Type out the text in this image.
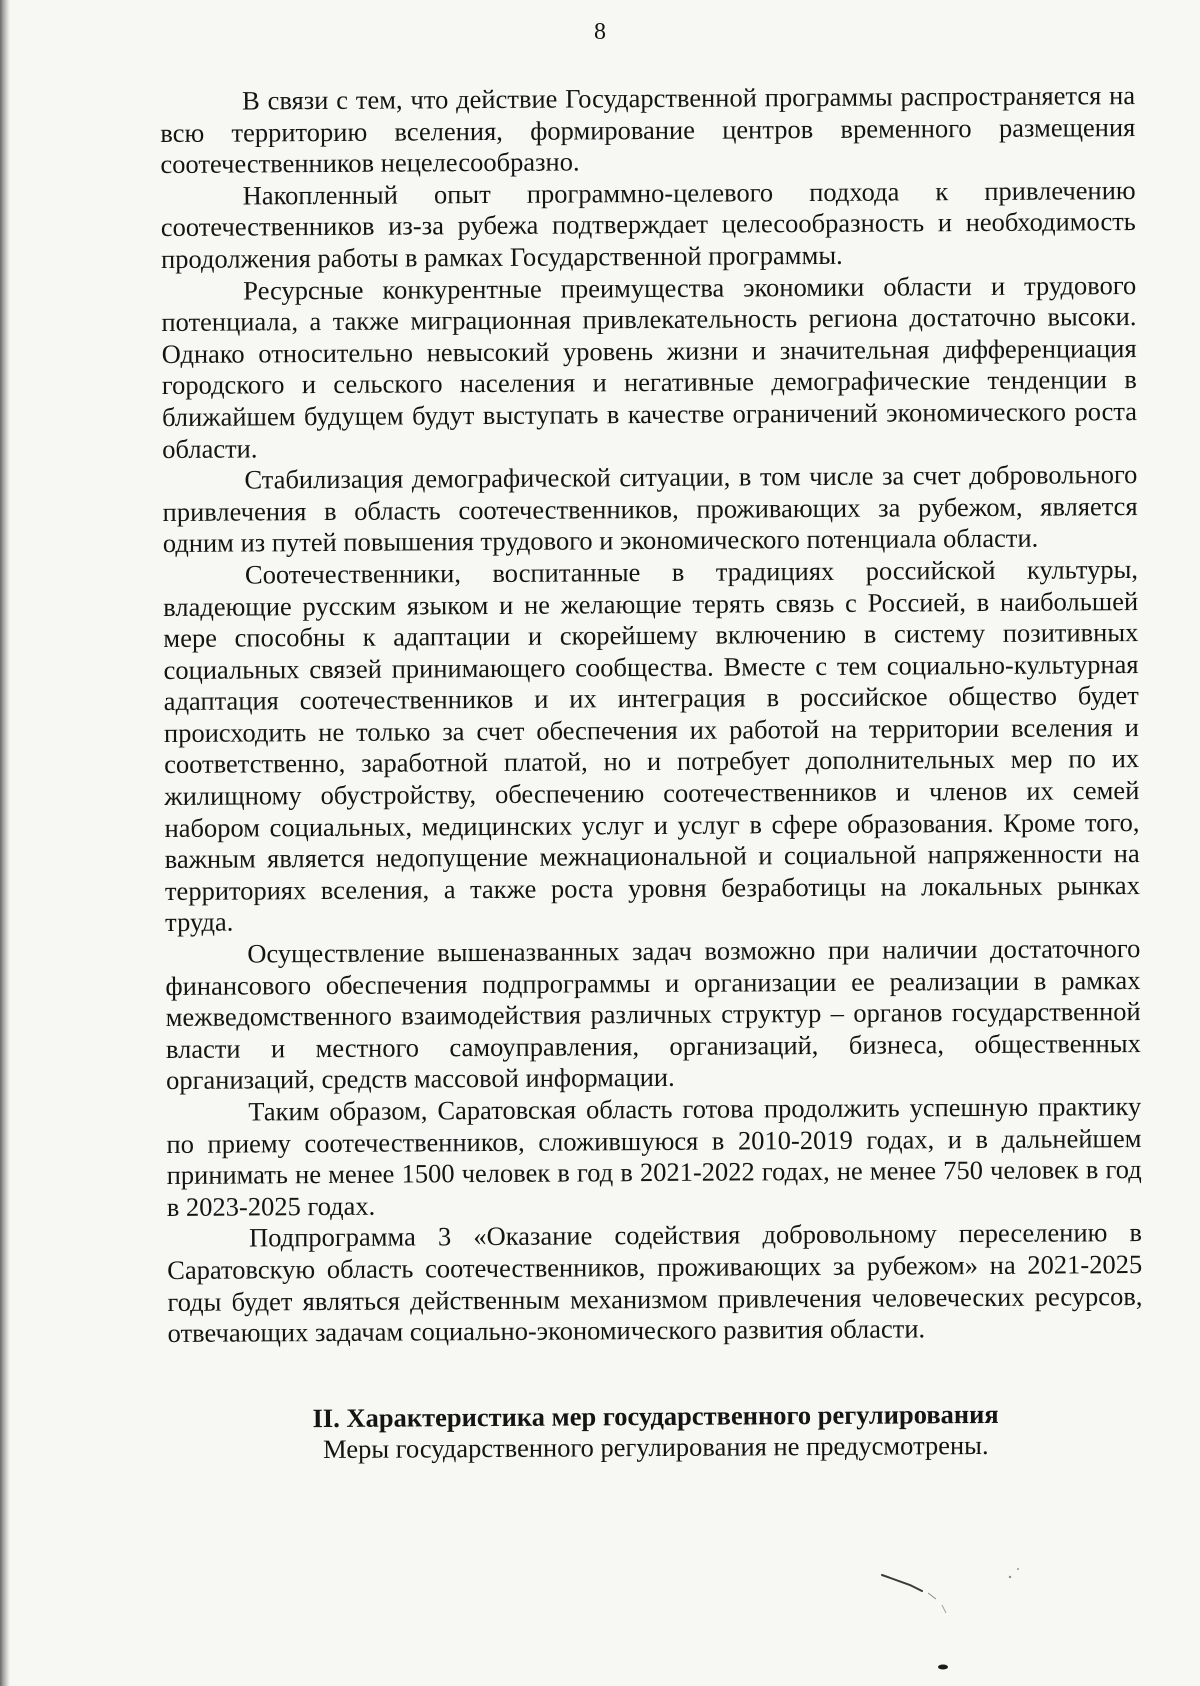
8

В связи с тем, что действие Государственной программы распространяется на всю территорию вселения, формирование центров временного размещения соотечественников нецелесообразно.

Накопленный опыт программно-целевого подхода к привлечению соотечественников из-за рубежа подтверждает целесообразность и необходимость продолжения работы в рамках Государственной программы.

Ресурсные конкурентные преимущества экономики области и трудового потенциала, а также миграционная привлекательность региона достаточно высоки. Однако относительно невысокий уровень жизни и значительная дифференциация городского и сельского населения и негативные демографические тенденции в ближайшем будущем будут выступать в качестве ограничений экономического роста области.

Стабилизация демографической ситуации, в том числе за счет добровольного привлечения в область соотечественников, проживающих за рубежом, является одним из путей повышения трудового и экономического потенциала области.

Соотечественники, воспитанные в традициях российской культуры, владеющие русским языком и не желающие терять связь с Россией, в наибольшей мере способны к адаптации и скорейшему включению в систему позитивных социальных связей принимающего сообщества. Вместе с тем социально-культурная адаптация соотечественников и их интеграция в российское общество будет происходить не только за счет обеспечения их работой на территории вселения и соответственно, заработной платой, но и потребует дополнительных мер по их жилищному обустройству, обеспечению соотечественников и членов их семей набором социальных, медицинских услуг и услуг в сфере образования. Кроме того, важным является недопущение межнациональной и социальной напряженности на территориях вселения, а также роста уровня безработицы на локальных рынках труда.

Осуществление вышеназванных задач возможно при наличии достаточного финансового обеспечения подпрограммы и организации ее реализации в рамках межведомственного взаимодействия различных структур – органов государственной власти и местного самоуправления, организаций, бизнеса, общественных организаций, средств массовой информации.

Таким образом, Саратовская область готова продолжить успешную практику по приему соотечественников, сложившуюся в 2010-2019 годах, и в дальнейшем принимать не менее 1500 человек в год в 2021-2022 годах, не менее 750 человек в год в 2023-2025 годах.

Подпрограмма 3 «Оказание содействия добровольному переселению в Саратовскую область соотечественников, проживающих за рубежом» на 2021-2025 годы будет являться действенным механизмом привлечения человеческих ресурсов, отвечающих задачам социально-экономического развития области.

II. Характеристика мер государственного регулирования

Меры государственного регулирования не предусмотрены.
